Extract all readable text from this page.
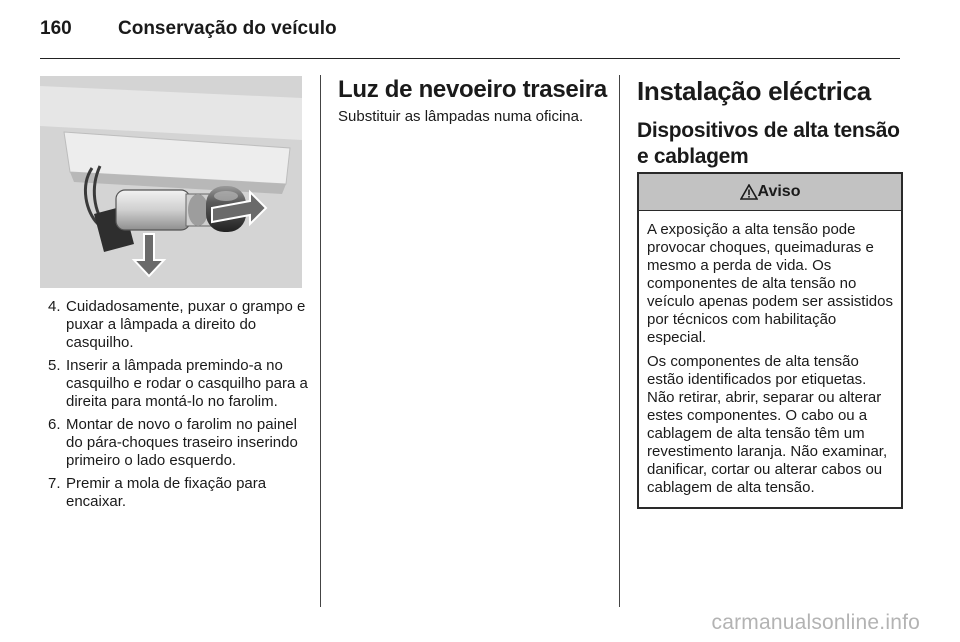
160 Conservação do veículo
4. Cuidadosamente, puxar o grampo e puxar a lâmpada a direito do casquilho.
5. Inserir a lâmpada premindo-a no casquilho e rodar o casquilho para a direita para montá-lo no farolim.
6. Montar de novo o farolim no painel do pára-choques traseiro inserindo primeiro o lado esquerdo.
7. Premir a mola de fixação para encaixar.
Luz de nevoeiro traseira
Substituir as lâmpadas numa oficina.
Instalação eléctrica
Dispositivos de alta tensão e cablagem
Aviso

A exposição a alta tensão pode provocar choques, queimaduras e mesmo a perda de vida. Os componentes de alta tensão no veículo apenas podem ser assistidos por técnicos com habilitação especial.

Os componentes de alta tensão estão identificados por etiquetas. Não retirar, abrir, separar ou alterar estes componentes. O cabo ou a cablagem de alta tensão têm um revestimento laranja. Não examinar, danificar, cortar ou alterar cabos ou cablagem de alta tensão.

carmanualsonline.info
